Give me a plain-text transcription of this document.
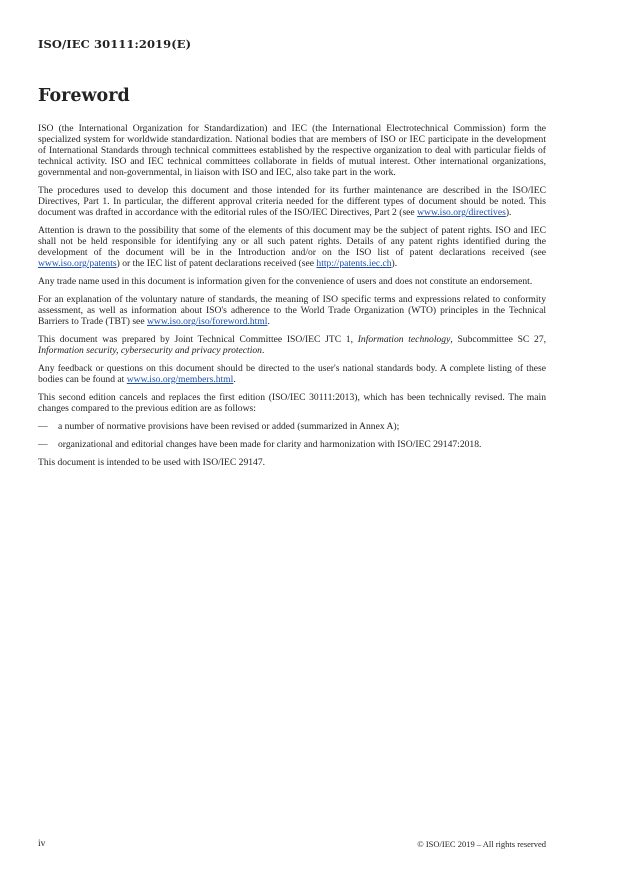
ISO/IEC 30111:2019(E)
Foreword

ISO (the International Organization for Standardization) and IEC (the International Electrotechnical Commission) form the specialized system for worldwide standardization. National bodies that are members of ISO or IEC participate in the development of International Standards through technical committees established by the respective organization to deal with particular fields of technical activity. ISO and IEC technical committees collaborate in fields of mutual interest. Other international organizations, governmental and non-governmental, in liaison with ISO and IEC, also take part in the work.

The procedures used to develop this document and those intended for its further maintenance are described in the ISO/IEC Directives, Part 1. In particular, the different approval criteria needed for the different types of document should be noted. This document was drafted in accordance with the editorial rules of the ISO/IEC Directives, Part 2 (see www.iso.org/directives).

Attention is drawn to the possibility that some of the elements of this document may be the subject of patent rights. ISO and IEC shall not be held responsible for identifying any or all such patent rights. Details of any patent rights identified during the development of the document will be in the Introduction and/or on the ISO list of patent declarations received (see www.iso.org/patents) or the IEC list of patent declarations received (see http://patents.iec.ch).

Any trade name used in this document is information given for the convenience of users and does not constitute an endorsement.

For an explanation of the voluntary nature of standards, the meaning of ISO specific terms and expressions related to conformity assessment, as well as information about ISO's adherence to the World Trade Organization (WTO) principles in the Technical Barriers to Trade (TBT) see www.iso.org/iso/foreword.html.

This document was prepared by Joint Technical Committee ISO/IEC JTC 1, Information technology, Subcommittee SC 27, Information security, cybersecurity and privacy protection.

Any feedback or questions on this document should be directed to the user's national standards body. A complete listing of these bodies can be found at www.iso.org/members.html.

This second edition cancels and replaces the first edition (ISO/IEC 30111:2013), which has been technically revised. The main changes compared to the previous edition are as follows:

—	a number of normative provisions have been revised or added (summarized in Annex A);
—	organizational and editorial changes have been made for clarity and harmonization with ISO/IEC 29147:2018.

This document is intended to be used with ISO/IEC 29147.

iv	© ISO/IEC 2019 – All rights reserved
